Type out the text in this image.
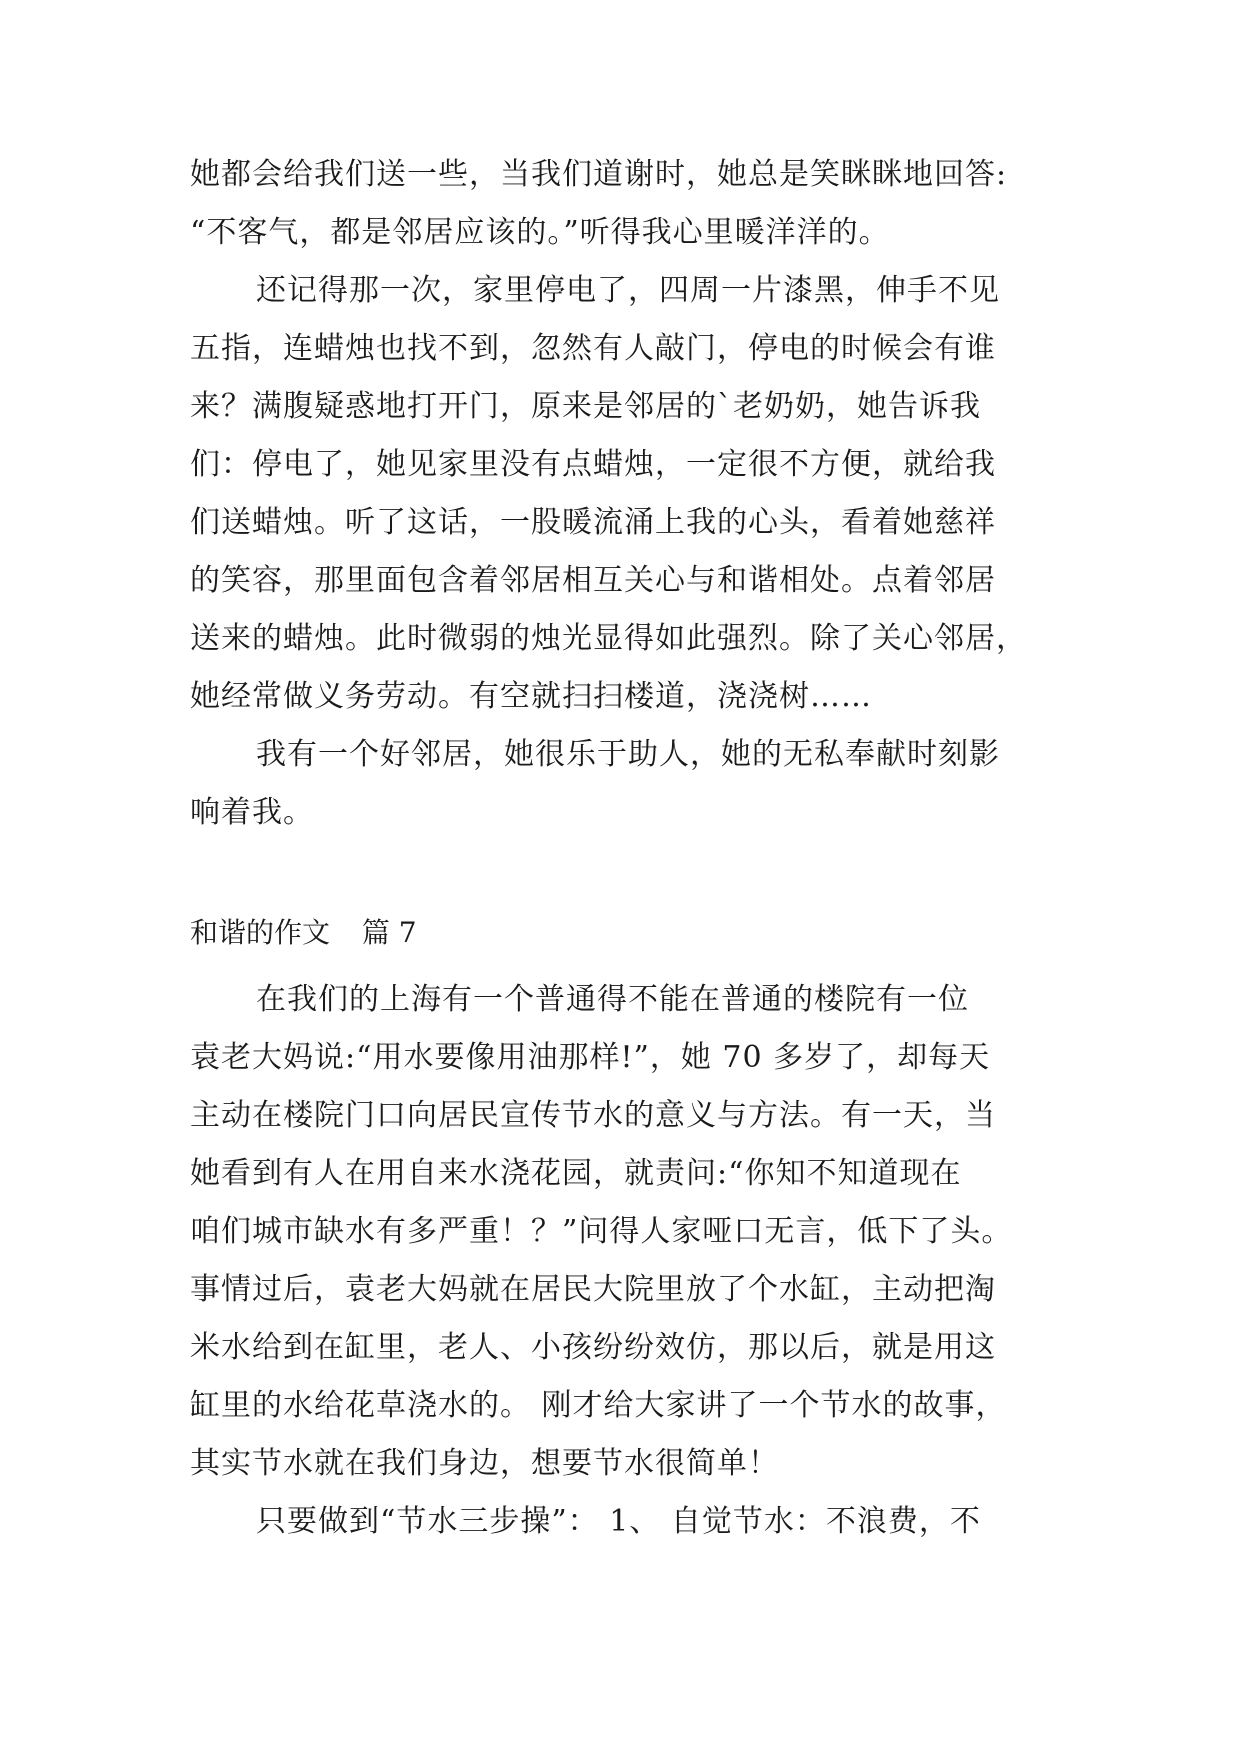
她都会给我们送一些，当我们道谢时，她总是笑眯眯地回答:
“不客气，都是邻居应该的。”听得我心里暖洋洋的。
还记得那一次，家里停电了，四周一片漆黑，伸手不见
五指，连蜡烛也找不到，忽然有人敲门，停电的时候会有谁
来？满腹疑惑地打开门，原来是邻居的`老奶奶，她告诉我
们：停电了，她见家里没有点蜡烛，一定很不方便，就给我
们送蜡烛。听了这话，一股暖流涌上我的心头，看着她慈祥
的笑容，那里面包含着邻居相互关心与和谐相处。点着邻居
送来的蜡烛。此时微弱的烛光显得如此强烈。除了关心邻居，
她经常做义务劳动。有空就扫扫楼道，浇浇树……
我有一个好邻居，她很乐于助人，她的无私奉献时刻影
响着我。
和谐的作文 篇 7
在我们的上海有一个普通得不能在普通的楼院有一位
袁老大妈说:“用水要像用油那样!”，她 70 多岁了，却每天
主动在楼院门口向居民宣传节水的意义与方法。有一天，当
她看到有人在用自来水浇花园，就责问:“你知不知道现在
咱们城市缺水有多严重！？”问得人家哑口无言，低下了头。
事情过后，袁老大妈就在居民大院里放了个水缸，主动把淘
米水给到在缸里，老人、小孩纷纷效仿，那以后，就是用这
缸里的水给花草浇水的。 刚才给大家讲了一个节水的故事，
其实节水就在我们身边，想要节水很简单！
只要做到“节水三步操”： 1、 自觉节水：不浪费，不
